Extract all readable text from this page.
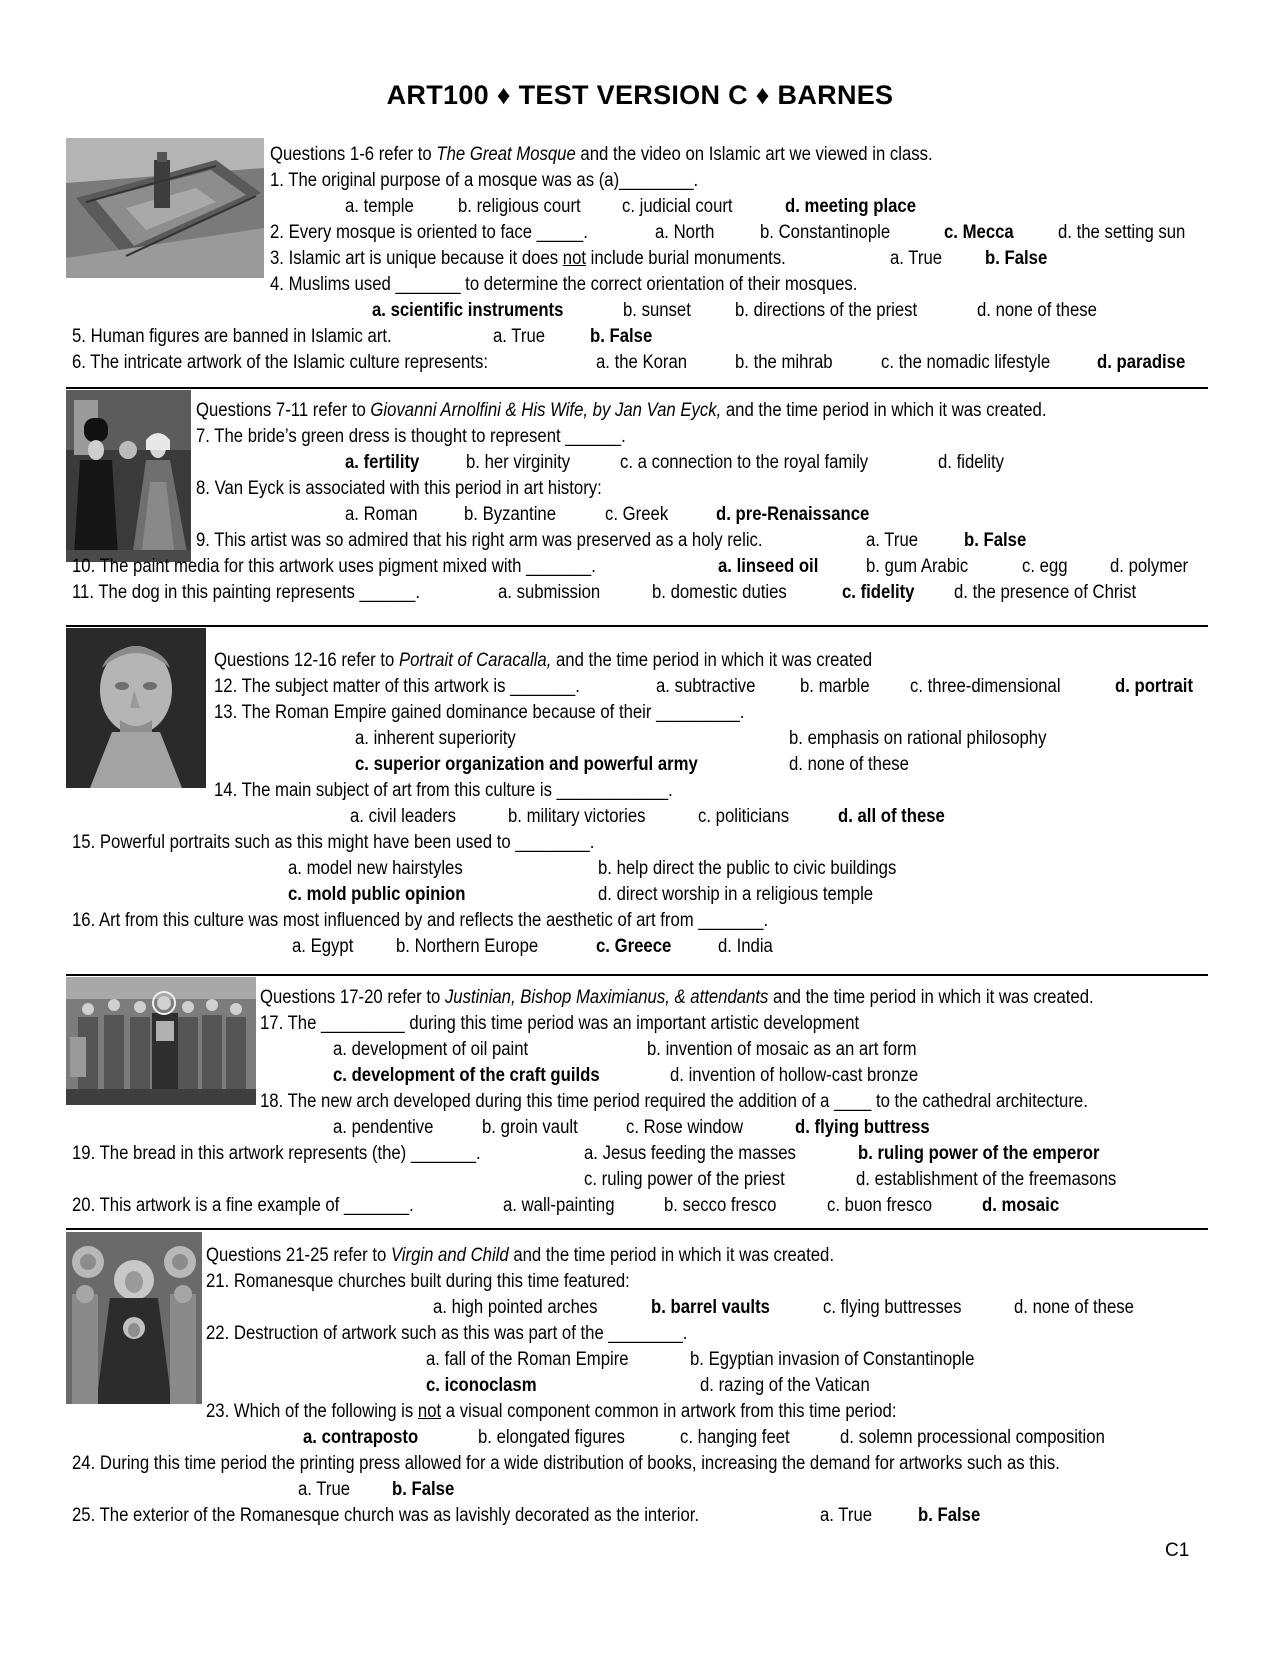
ART100 ♦ TEST VERSION C ♦ BARNES
Questions 1-6 refer to The Great Mosque and the video on Islamic art we viewed in class.
1. The original purpose of a mosque was as (a)________.
a. temple b. religious court c. judicial court	d. meeting place
2. Every mosque is oriented to face _____.	a. North b. Constantinople	c. Mecca d. the setting sun
3. Islamic art is unique because it does not include burial monuments.	a. True b. False
4. Muslims used _______ to determine the correct orientation of their mosques.
a. scientific instruments	b. sunset b. directions of the priest	d. none of these
5. Human figures are banned in Islamic art.	a. True b. False
6. The intricate artwork of the Islamic culture represents:	a. the Koran	b. the mihrab	c. the nomadic lifestyle d. paradise
Questions 7-11 refer to Giovanni Arnolfini & His Wife, by Jan Van Eyck, and the time period in which it was created.
7. The bride’s green dress is thought to represent ______.
a. fertility b. her virginity	c. a connection to the royal family	d. fidelity
8. Van Eyck is associated with this period in art history:
a. Roman b. Byzantine	c. Greek	d. pre-Renaissance
9. This artist was so admired that his right arm was preserved as a holy relic.	a. True b. False
10. The paint media for this artwork uses pigment mixed with _______.	a. linseed oil	b. gum Arabic	c. egg d. polymer
11. The dog in this painting represents ______.	a. submission	b. domestic duties	c. fidelity d. the presence of Christ
Questions 12-16 refer to Portrait of Caracalla, and the time period in which it was created
12. The subject matter of this artwork is _______.	a. subtractive b. marble c. three-dimensional	d. portrait
13. The Roman Empire gained dominance because of their _________.
a. inherent superiority	b. emphasis on rational philosophy
c. superior organization and powerful army	d. none of these
14. The main subject of art from this culture is ____________.
a. civil leaders	b. military victories	c. politicians	d. all of these
15. Powerful portraits such as this might have been used to ________.
a. model new hairstyles	b. help direct the public to civic buildings
c. mold public opinion	d. direct worship in a religious temple
16. Art from this culture was most influenced by and reflects the aesthetic of art from _______.
a. Egypt b. Northern Europe	c. Greece d. India
Questions 17-20 refer to Justinian, Bishop Maximianus, & attendants and the time period in which it was created.
17. The _________ during this time period was an important artistic development
a. development of oil paint	b. invention of mosaic as an art form
c. development of the craft guilds	d. invention of hollow-cast bronze
18. The new arch developed during this time period required the addition of a ____ to the cathedral architecture.
a. pendentive	b. groin vault	c. Rose window	d. flying buttress
19. The bread in this artwork represents (the) _______.	a. Jesus feeding the masses	b. ruling power of the emperor
c. ruling power of the priest	d. establishment of the freemasons
20. This artwork is a fine example of _______.	a. wall-painting	b. secco fresco	c. buon fresco	d. mosaic
Questions 21-25 refer to Virgin and Child and the time period in which it was created.
21. Romanesque churches built during this time featured:
a. high pointed arches	b. barrel vaults	c. flying buttresses	d. none of these
22. Destruction of artwork such as this was part of the ________.
a. fall of the Roman Empire	b. Egyptian invasion of Constantinople
c. iconoclasm	d. razing of the Vatican
23. Which of the following is not a visual component common in artwork from this time period:
a. contraposto	b. elongated figures	c. hanging feet	d. solemn processional composition
24. During this time period the printing press allowed for a wide distribution of books, increasing the demand for artworks such as this.
a. True b. False
25. The exterior of the Romanesque church was as lavishly decorated as the interior.	a. True b. False
C1
